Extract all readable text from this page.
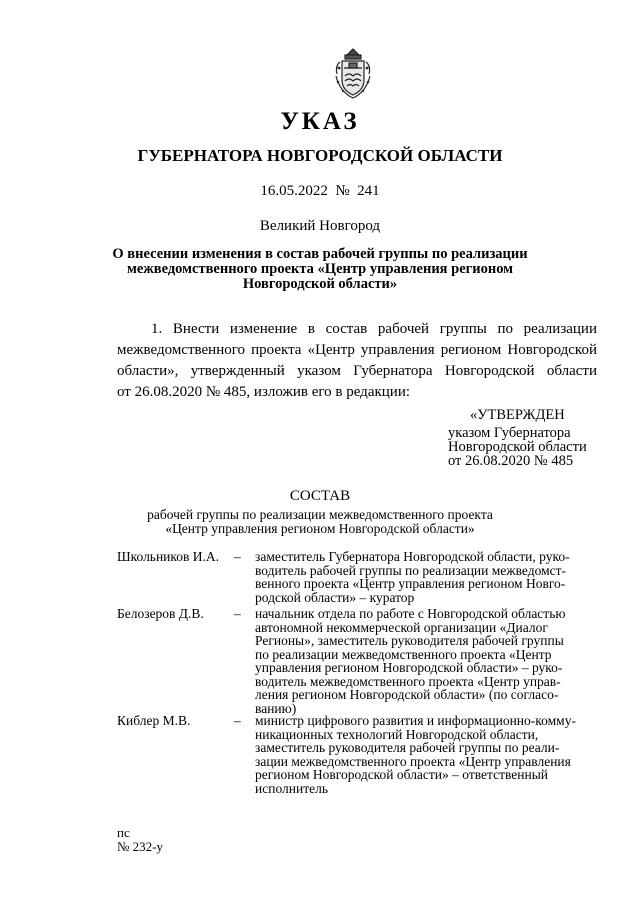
УКАЗ
ГУБЕРНАТОРА НОВГОРОДСКОЙ ОБЛАСТИ
16.05.2022 № 241
Великий Новгород
О внесении изменения в состав рабочей группы по реализации
межведомственного проекта «Центр управления регионом
Новгородской области»
1. Внести изменение в состав рабочей группы по реализации
межведомственного проекта «Центр управления регионом Новгородской
области», утвержденный указом Губернатора Новгородской области
от 26.08.2020 № 485, изложив его в редакции:
«УТВЕРЖДЕН
указом Губернатора
Новгородской области
от 26.08.2020 № 485
СОСТАВ
рабочей группы по реализации межведомственного проекта
«Центр управления регионом Новгородской области»
Школьников И.А. – заместитель Губернатора Новгородской области, руко-
водитель рабочей группы по реализации межведомст-
венного проекта «Центр управления регионом Новго-
родской области» – куратор
Белозеров Д.В. – начальник отдела по работе с Новгородской областью
автономной некоммерческой организации «Диалог
Регионы», заместитель руководителя рабочей группы
по реализации межведомственного проекта «Центр
управления регионом Новгородской области» – руко-
водитель межведомственного проекта «Центр управ-
ления регионом Новгородской области» (по согласо-
ванию)
Киблер М.В.	– министр цифрового развития и информационно-комму-
никационных технологий Новгородской области,
заместитель руководителя рабочей группы по реали-
зации межведомственного проекта «Центр управления
регионом Новгородской области» – ответственный
исполнитель
пс
№ 232-у
